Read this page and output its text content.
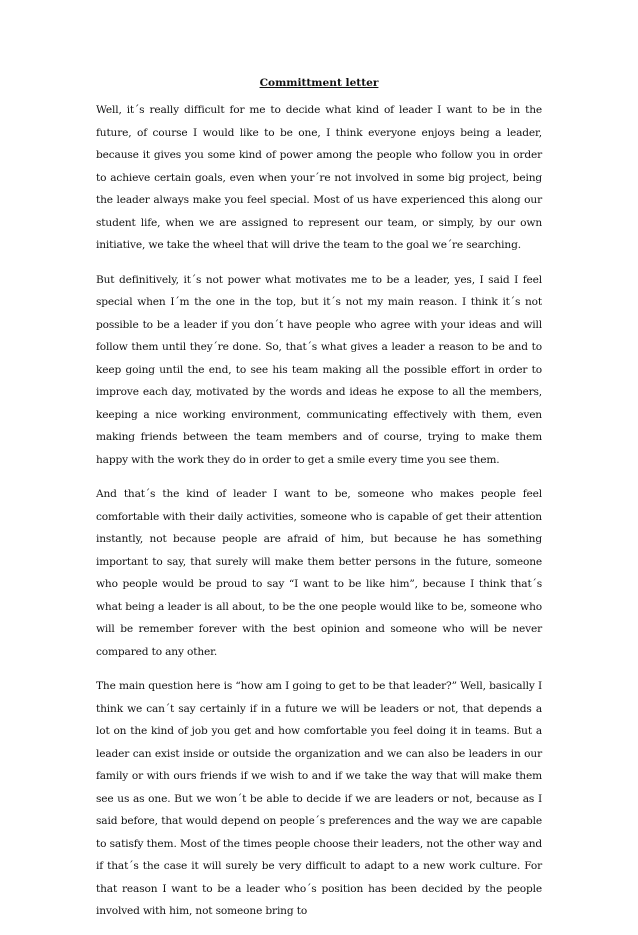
Committment letter

Well, it´s really difficult for me to decide what kind of leader I want to be in the future, of course I would like to be one, I think everyone enjoys being a leader, because it gives you some kind of power among the people who follow you in order to achieve certain goals, even when your´re not involved in some big project, being the leader always make you feel special. Most of us have experienced this along our student life, when we are assigned to represent our team, or simply, by our own initiative, we take the wheel that will drive the team to the goal we´re searching.

But definitively, it´s not power what motivates me to be a leader, yes, I said I feel special when I´m the one in the top, but it´s not my main reason. I think it´s not possible to be a leader if you don´t have people who agree with your ideas and will follow them until they´re done. So, that´s what gives a leader a reason to be and to keep going until the end, to see his team making all the possible effort in order to improve each day, motivated by the words and ideas he expose to all the members, keeping a nice working environment, communicating effectively with them, even making friends between the team members and of course, trying to make them happy with the work they do in order to get a smile every time you see them.

And that´s the kind of leader I want to be, someone who makes people feel comfortable with their daily activities, someone who is capable of get their attention instantly, not because people are afraid of him, but because he has something important to say, that surely will make them better persons in the future, someone who people would be proud to say “I want to be like him”, because I think that´s what being a leader is all about, to be the one people would like to be, someone who will be remember forever with the best opinion and someone who will be never compared to any other.

The main question here is “how am I going to get to be that leader?” Well, basically I think we can´t say certainly if in a future we will be leaders or not, that depends a lot on the kind of job you get and how comfortable you feel doing it in teams. But a leader can exist inside or outside the organization and we can also be leaders in our family or with ours friends if we wish to and if we take the way that will make them see us as one. But we won´t be able to decide if we are leaders or not, because as I said before, that would depend on people´s preferences and the way we are capable to satisfy them. Most of the times people choose their leaders, not the other way and if that´s the case it will surely be very difficult to adapt to a new work culture. For that reason I want to be a leader who´s position has been decided by the people involved with him, not someone bring to
